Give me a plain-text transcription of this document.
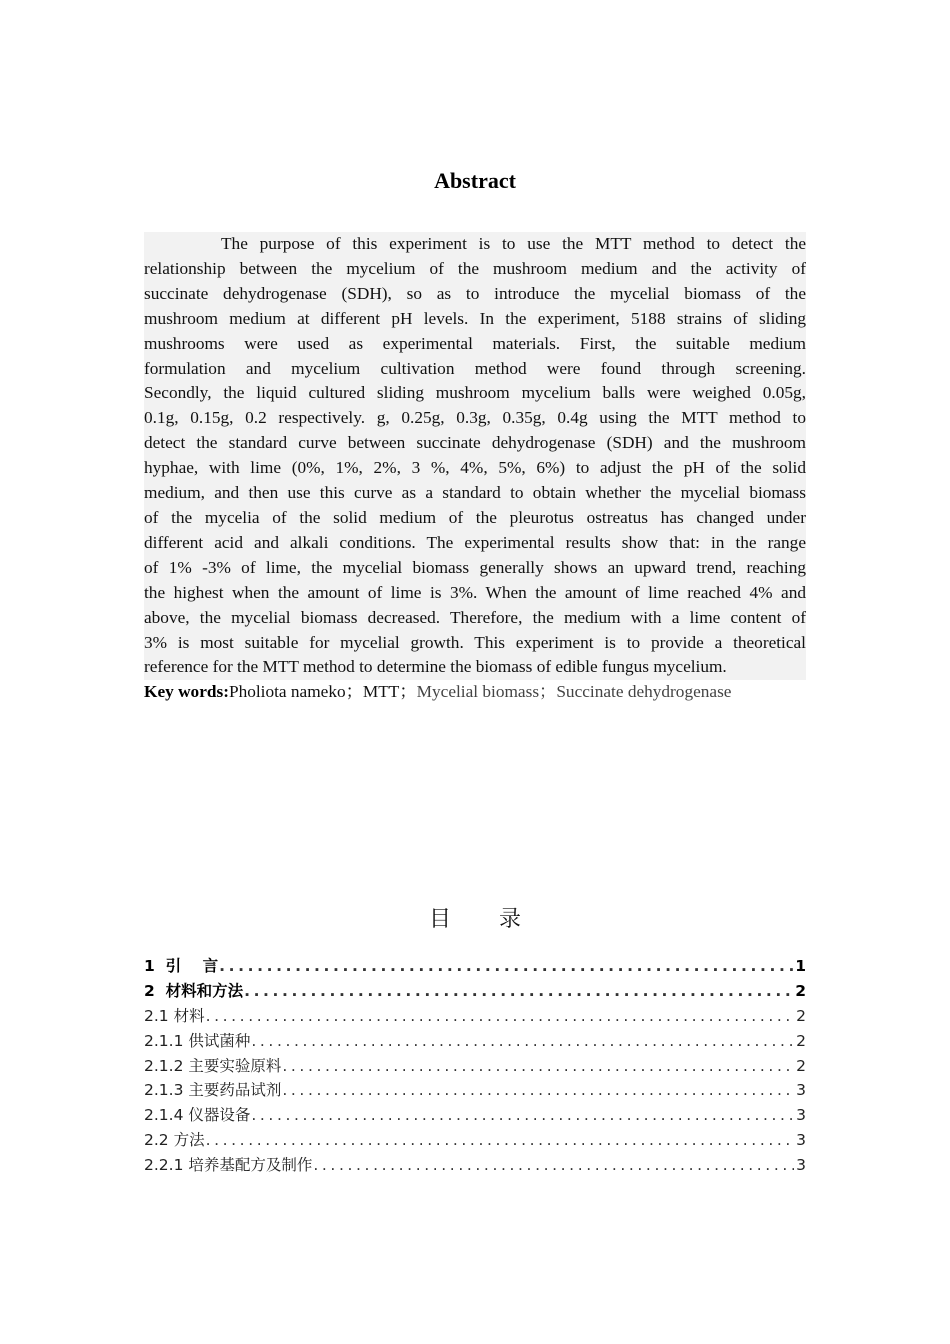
Abstract
The purpose of this experiment is to use the MTT method to detect the
relationship between the mycelium of the mushroom medium and the activity of
succinate dehydrogenase (SDH), so as to introduce the mycelial biomass of the
mushroom medium at different pH levels. In the experiment, 5188 strains of sliding
mushrooms were used as experimental materials. First, the suitable medium
formulation and mycelium cultivation method were found through screening.
Secondly, the liquid cultured sliding mushroom mycelium balls were weighed 0.05g,
0.1g, 0.15g, 0.2 respectively. g, 0.25g, 0.3g, 0.35g, 0.4g using the MTT method to
detect the standard curve between succinate dehydrogenase (SDH) and the mushroom
hyphae, with lime (0%, 1%, 2%, 3 %, 4%, 5%, 6%) to adjust the pH of the solid
medium, and then use this curve as a standard to obtain whether the mycelial biomass
of the mycelia of the solid medium of the pleurotus ostreatus has changed under
different acid and alkali conditions. The experimental results show that: in the range
of 1% -3% of lime, the mycelial biomass generally shows an upward trend, reaching
the highest when the amount of lime is 3%. When the amount of lime reached 4% and
above, the mycelial biomass decreased. Therefore, the medium with a lime content of
3% is most suitable for mycelial growth. This experiment is to provide a theoretical
reference for the MTT method to determine the biomass of edible fungus mycelium.
Key words:Pholiota nameko；MTT；Mycelial biomass；Succinate dehydrogenase
目 录
1  引    言 .....	1
2  材料和方法 .....	2
2.1 材料 .....	2
2.1.1 供试菌种 .....	2
2.1.2 主要实验原料 .....	2
2.1.3 主要药品试剂 .....	3
2.1.4 仪器设备 .....	3
2.2 方法 .....	3
2.2.1 培养基配方及制作 .....	3
